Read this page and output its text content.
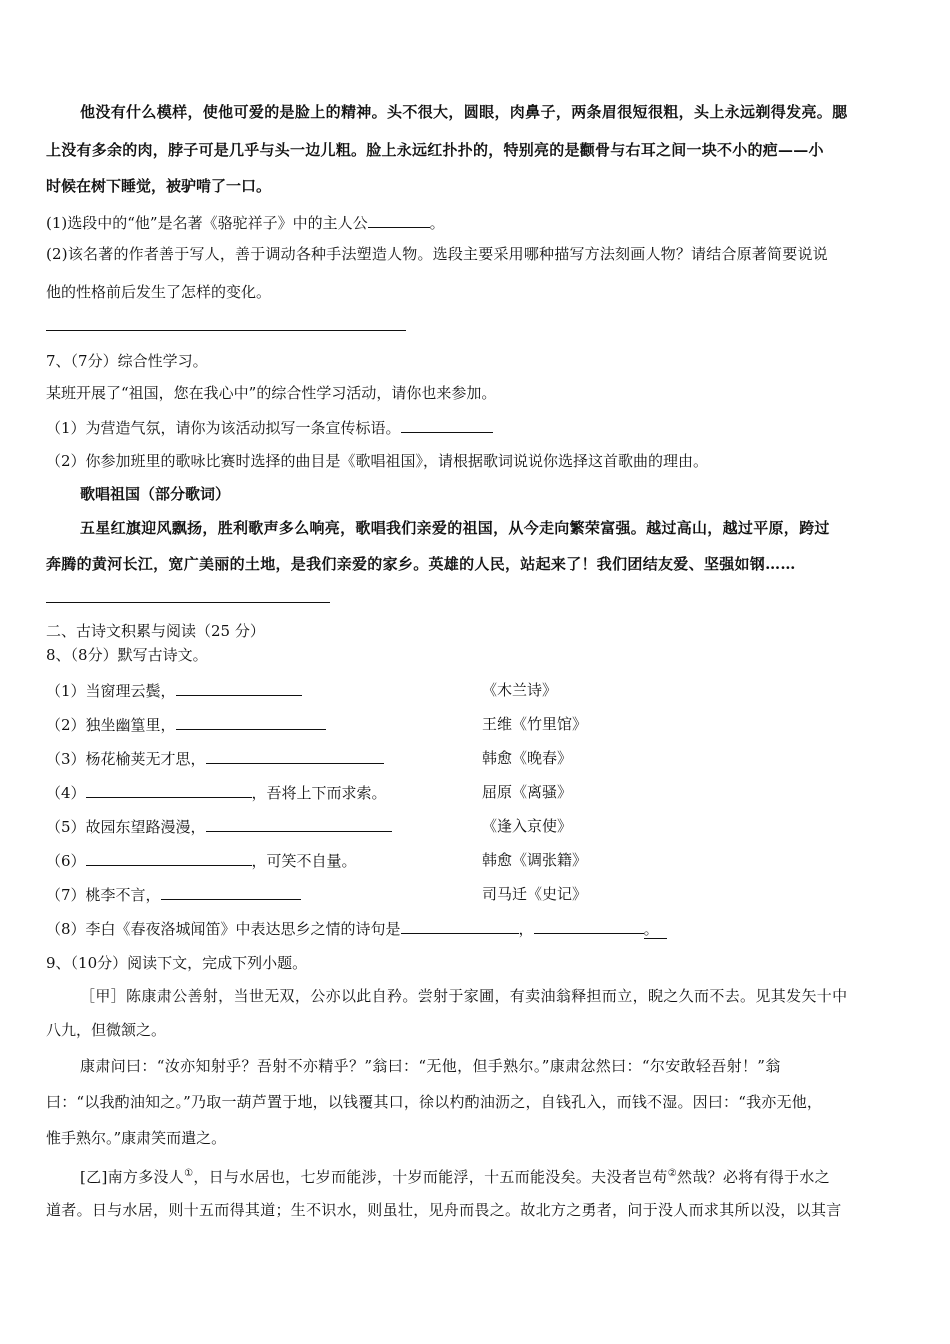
他没有什么模样，使他可爱的是脸上的精神。头不很大，圆眼，肉鼻子，两条眉很短很粗，头上永远剃得发亮。腮
上没有多余的肉，脖子可是几乎与头一边儿粗。脸上永远红扑扑的，特别亮的是颧骨与右耳之间一块不小的疤——小
时候在树下睡觉，被驴啃了一口。
(1)选段中的“他”是名著《骆驼祥子》中的主人公	。
(2)该名著的作者善于写人，善于调动各种手法塑造人物。选段主要采用哪种描写方法刻画人物？请结合原著简要说说
他的性格前后发生了怎样的变化。
7、（7分）综合性学习。
某班开展了“祖国，您在我心中”的综合性学习活动，请你也来参加。
（1）为营造气氛，请你为该活动拟写一条宣传标语。
（2）你参加班里的歌咏比赛时选择的曲目是《歌唱祖国》，请根据歌词说说你选择这首歌曲的理由。
歌唱祖国（部分歌词）
五星红旗迎风飘扬，胜利歌声多么响亮，歌唱我们亲爱的祖国，从今走向繁荣富强。越过高山，越过平原，跨过
奔腾的黄河长江，宽广美丽的土地，是我们亲爱的家乡。英雄的人民，站起来了！我们团结友爱、坚强如钢……
二、古诗文积累与阅读（25 分）
8、（8分）默写古诗文。
（1）当窗理云鬓，	《木兰诗》
（2）独坐幽篁里，	王维《竹里馆》
（3）杨花榆荚无才思，	韩愈《晚春》
（4）	，吾将上下而求索。	屈原《离骚》
（5）故园东望路漫漫，	《逢入京使》
（6）	，可笑不自量。	韩愈《调张籍》
（7）桃李不言，	司马迁《史记》
（8）李白《春夜洛城闻笛》中表达思乡之情的诗句是	，	。
9、（10分）阅读下文，完成下列小题。
［甲］陈康肃公善射，当世无双，公亦以此自矜。尝射于家圃，有卖油翁释担而立，睨之久而不去。见其发矢十中
八九，但微颔之。
康肃问曰：“汝亦知射乎？吾射不亦精乎？”翁曰：“无他，但手熟尔。”康肃忿然曰：“尔安敢轻吾射！”翁
曰：“以我酌油知之。”乃取一葫芦置于地，以钱覆其口，徐以杓酌油沥之，自钱孔入，而钱不湿。因曰：“我亦无他，
惟手熟尔。”康肃笑而遣之。
[乙]南方多没人①，日与水居也，七岁而能涉，十岁而能浮，十五而能没矣。夫没者岂苟②然哉？必将有得于水之
道者。日与水居，则十五而得其道；生不识水，则虽壮，见舟而畏之。故北方之勇者，问于没人而求其所以没，以其言
